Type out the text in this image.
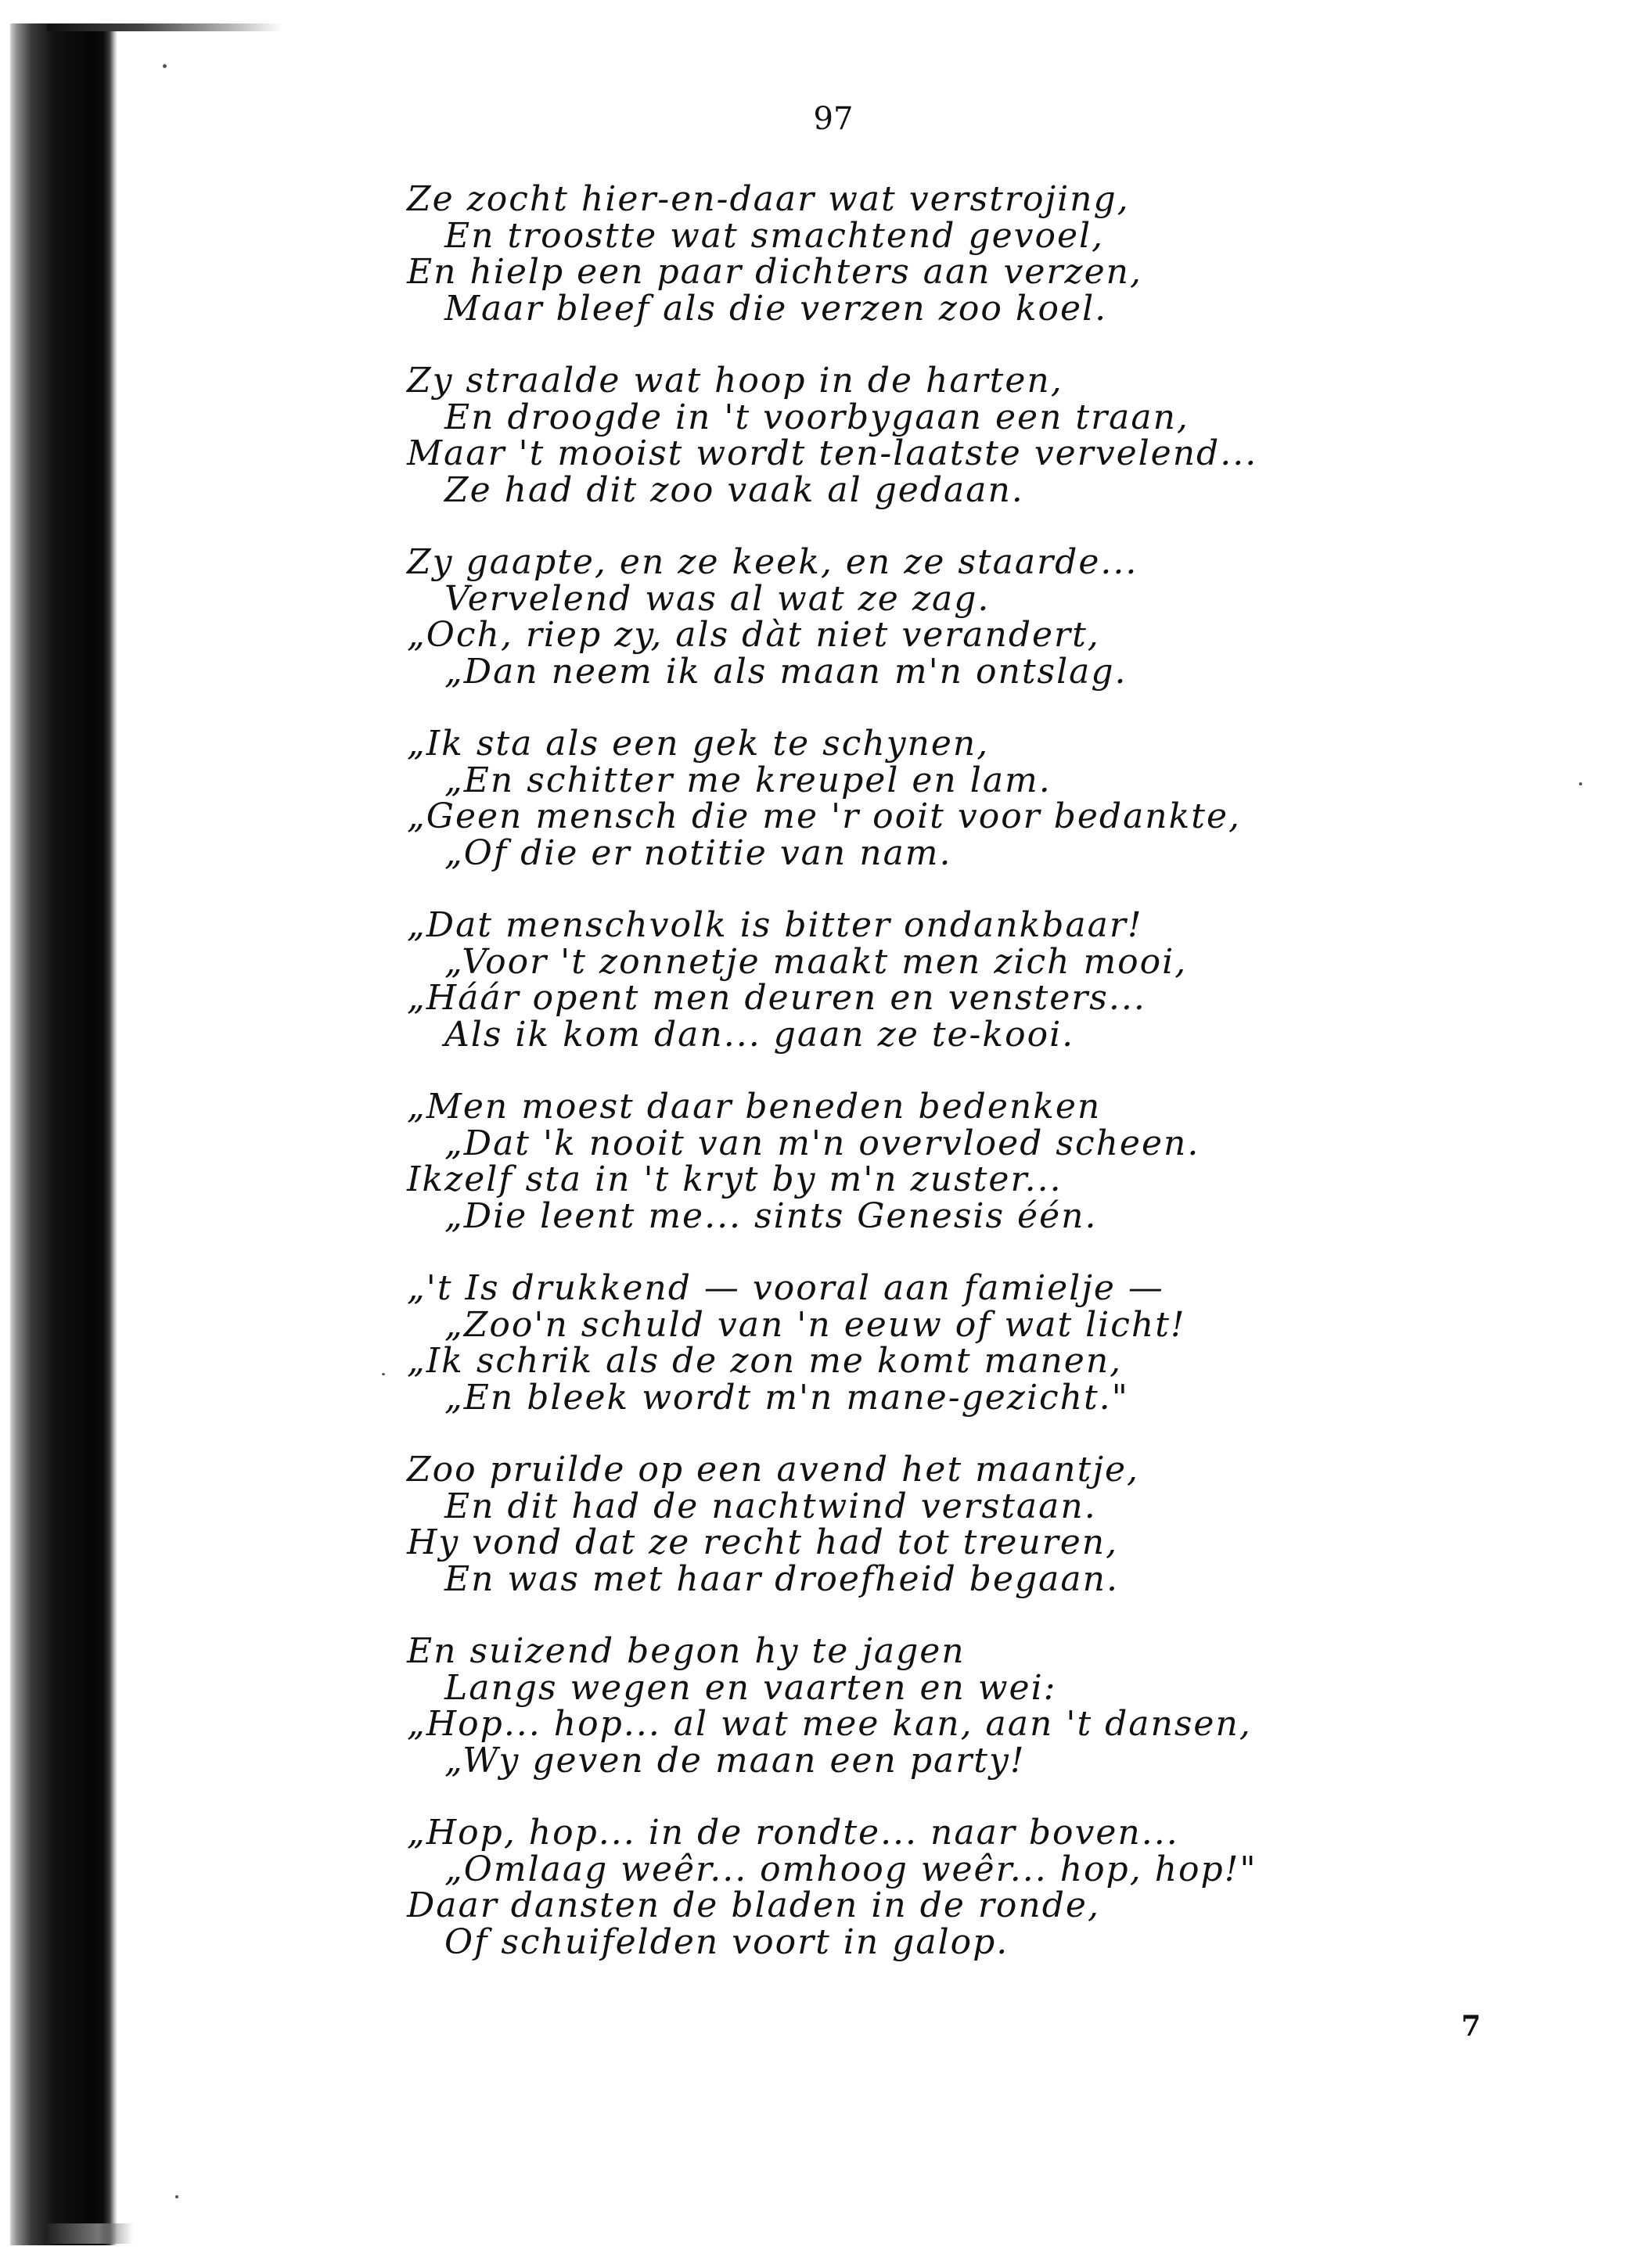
97
Ze zocht hier-en-daar wat verstrojing,
En troostte wat smachtend gevoel,
En hielp een paar dichters aan verzen,
Maar bleef als die verzen zoo koel.
Zy straalde wat hoop in de harten,
En droogde in 't voorbygaan een traan,
Maar 't mooist wordt ten-laatste vervelend...
Ze had dit zoo vaak al gedaan.
Zy gaapte, en ze keek, en ze staarde...
Vervelend was al wat ze zag.
„Och, riep zy, als dàt niet verandert,
„Dan neem ik als maan m'n ontslag.
„Ik sta als een gek te schynen,
„En schitter me kreupel en lam.
„Geen mensch die me 'r ooit voor bedankte,
„Of die er notitie van nam.
„Dat menschvolk is bitter ondankbaar!
„Voor 't zonnetje maakt men zich mooi,
„Háár opent men deuren en vensters...
Als ik kom dan... gaan ze te-kooi.
„Men moest daar beneden bedenken
„Dat 'k nooit van m'n overvloed scheen.
Ikzelf sta in 't kryt by m'n zuster...
„Die leent me... sints Genesis één.
„'t Is drukkend — vooral aan famielje —
„Zoo'n schuld van 'n eeuw of wat licht!
„Ik schrik als de zon me komt manen,
„En bleek wordt m'n mane-gezicht."
Zoo pruilde op een avend het maantje,
En dit had de nachtwind verstaan.
Hy vond dat ze recht had tot treuren,
En was met haar droefheid begaan.
En suizend begon hy te jagen
Langs wegen en vaarten en wei:
„Hop... hop... al wat mee kan, aan 't dansen,
„Wy geven de maan een party!
„Hop, hop... in de rondte... naar boven...
„Omlaag weêr... omhoog weêr... hop, hop!"
Daar dansten de bladen in de ronde,
Of schuifelden voort in galop.
7
